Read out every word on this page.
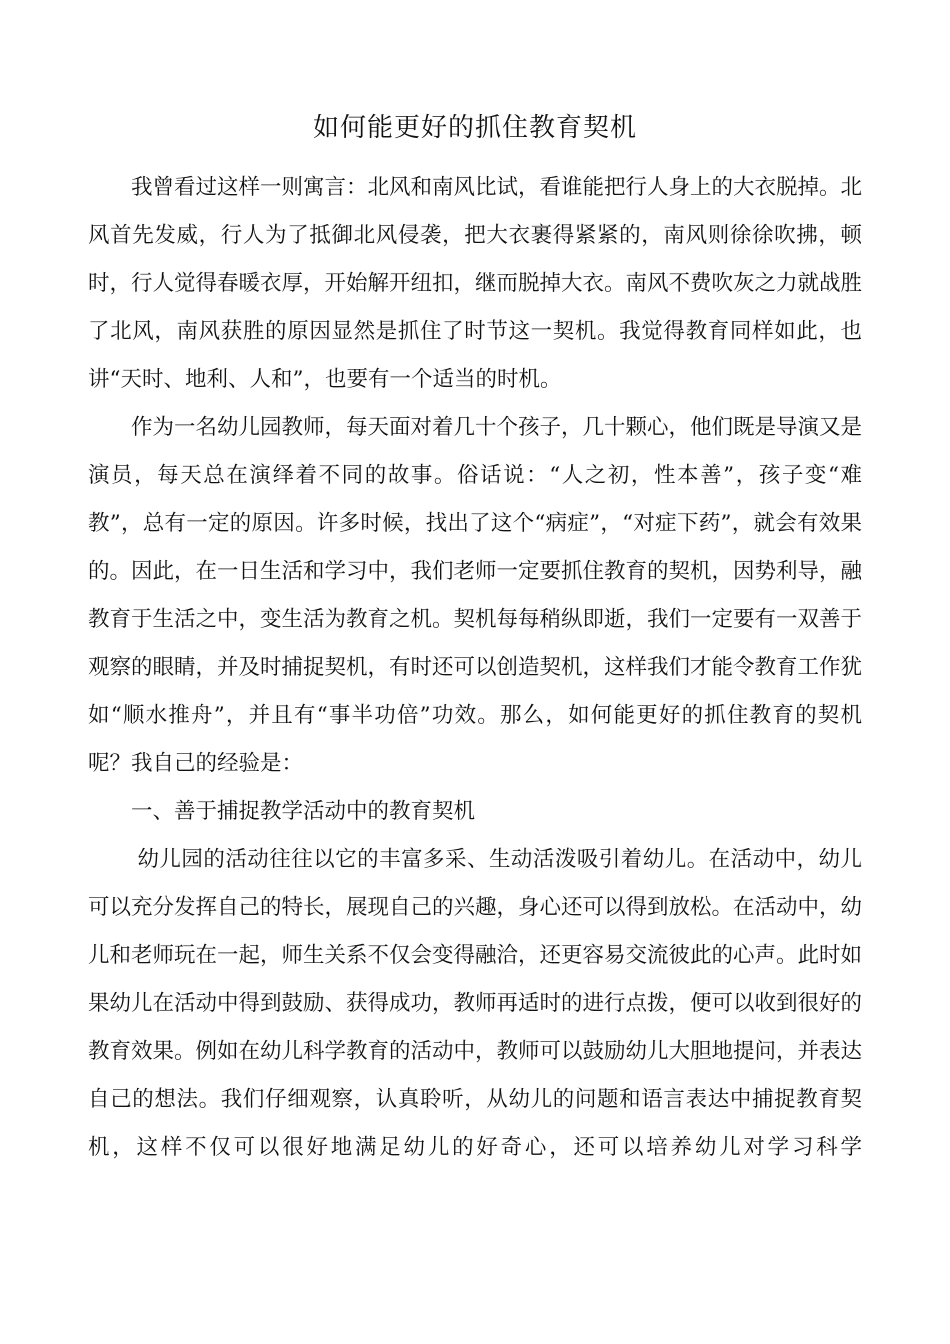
如何能更好的抓住教育契机

我曾看过这样一则寓言：北风和南风比试，看谁能把行人身上的大衣脱掉。北风首先发威，行人为了抵御北风侵袭，把大衣裹得紧紧的，南风则徐徐吹拂，顿时，行人觉得春暖衣厚，开始解开纽扣，继而脱掉大衣。南风不费吹灰之力就战胜了北风，南风获胜的原因显然是抓住了时节这一契机。我觉得教育同样如此，也讲“天时、地利、人和”，也要有一个适当的时机。

作为一名幼儿园教师，每天面对着几十个孩子，几十颗心，他们既是导演又是演员，每天总在演绎着不同的故事。俗话说：“人之初，性本善”，孩子变“难教”，总有一定的原因。许多时候，找出了这个“病症”，“对症下药”，就会有效果的。因此，在一日生活和学习中，我们老师一定要抓住教育的契机，因势利导，融教育于生活之中，变生活为教育之机。契机每每稍纵即逝，我们一定要有一双善于观察的眼睛，并及时捕捉契机，有时还可以创造契机，这样我们才能令教育工作犹如“顺水推舟”，并且有“事半功倍”功效。那么，如何能更好的抓住教育的契机呢？我自己的经验是：

一、善于捕捉教学活动中的教育契机

幼儿园的活动往往以它的丰富多采、生动活泼吸引着幼儿。在活动中，幼儿可以充分发挥自己的特长，展现自己的兴趣，身心还可以得到放松。在活动中，幼儿和老师玩在一起，师生关系不仅会变得融洽，还更容易交流彼此的心声。此时如果幼儿在活动中得到鼓励、获得成功，教师再适时的进行点拨，便可以收到很好的教育效果。例如在幼儿科学教育的活动中，教师可以鼓励幼儿大胆地提问，并表达自己的想法。我们仔细观察，认真聆听，从幼儿的问题和语言表达中捕捉教育契机，这样不仅可以很好地满足幼儿的好奇心，还可以培养幼儿对学习科学
